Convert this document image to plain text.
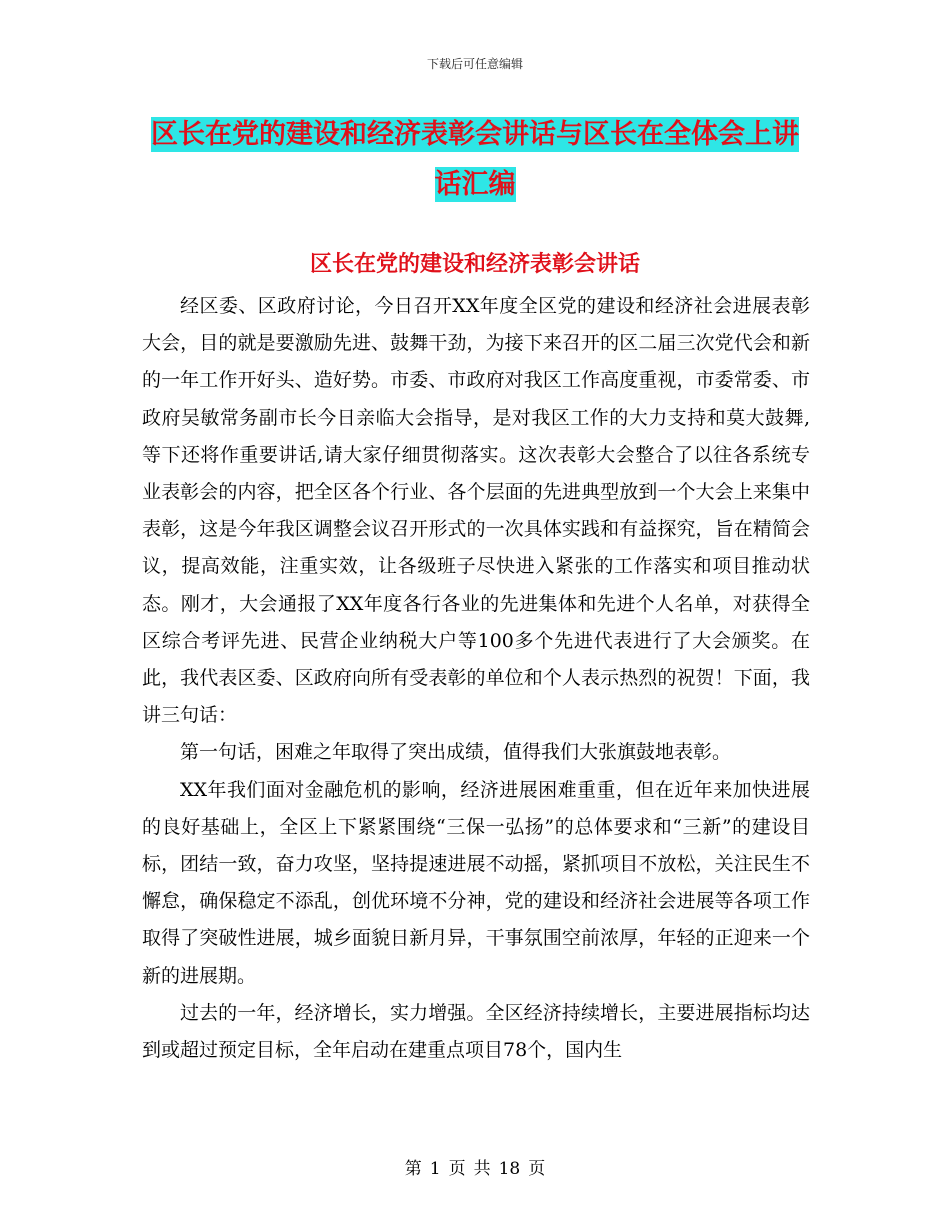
下载后可任意编辑
区长在党的建设和经济表彰会讲话与区长在全体会上讲话汇编
区长在党的建设和经济表彰会讲话

经区委、区政府讨论，今日召开XX年度全区党的建设和经济社会进展表彰大会，目的就是要激励先进、鼓舞干劲，为接下来召开的区二届三次党代会和新的一年工作开好头、造好势。市委、市政府对我区工作高度重视，市委常委、市政府吴敏常务副市长今日亲临大会指导，是对我区工作的大力支持和莫大鼓舞,等下还将作重要讲话,请大家仔细贯彻落实。这次表彰大会整合了以往各系统专业表彰会的内容，把全区各个行业、各个层面的先进典型放到一个大会上来集中表彰，这是今年我区调整会议召开形式的一次具体实践和有益探究，旨在精简会议，提高效能，注重实效，让各级班子尽快进入紧张的工作落实和项目推动状态。刚才，大会通报了XX年度各行各业的先进集体和先进个人名单，对获得全区综合考评先进、民营企业纳税大户等100多个先进代表进行了大会颁奖。在此，我代表区委、区政府向所有受表彰的单位和个人表示热烈的祝贺！下面，我讲三句话：

第一句话，困难之年取得了突出成绩，值得我们大张旗鼓地表彰。

XX年我们面对金融危机的影响，经济进展困难重重，但在近年来加快进展的良好基础上，全区上下紧紧围绕“三保一弘扬”的总体要求和“三新”的建设目标，团结一致，奋力攻坚，坚持提速进展不动摇，紧抓项目不放松，关注民生不懈怠，确保稳定不添乱，创优环境不分神，党的建设和经济社会进展等各项工作取得了突破性进展，城乡面貌日新月异，干事氛围空前浓厚，年轻的正迎来一个新的进展期。

过去的一年，经济增长，实力增强。全区经济持续增长，主要进展指标均达到或超过预定目标，全年启动在建重点项目78个，国内生

第 1 页 共 18 页
